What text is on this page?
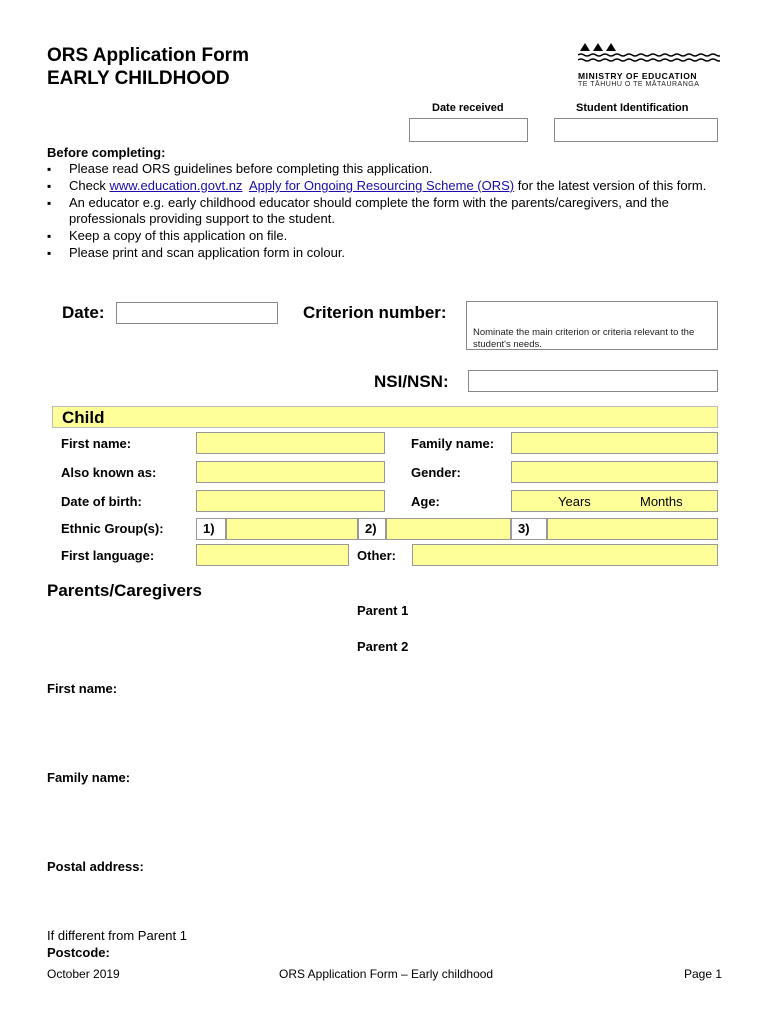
ORS Application Form
EARLY CHILDHOOD	MINISTRY OF EDUCATION
TE TĀHUHU O TE MĀTAURANGA
Date received	Student Identification
Before completing:
▪ Please read ORS guidelines before completing this application.
▪ Check www.education.govt.nz Apply for Ongoing Resourcing Scheme (ORS) for the latest version of this form.
▪ An educator e.g. early childhood educator should complete the form with the parents/caregivers, and the professionals providing support to the student.
▪ Keep a copy of this application on file.
▪ Please print and scan application form in colour.
Date:	Criterion number:
Nominate the main criterion or criteria relevant to the student's needs.
NSI/NSN:
Child
First name:	Family name:
Also known as:	Gender:
Date of birth:	Age:	Years	Months
Ethnic Group(s):	1)	2)	3)
First language:	Other:
Parents/Caregivers
Parent 1
Parent 2
First name:
Family name:
Postal address:
If different from Parent 1
Postcode:
October 2019	ORS Application Form – Early childhood	Page 1
